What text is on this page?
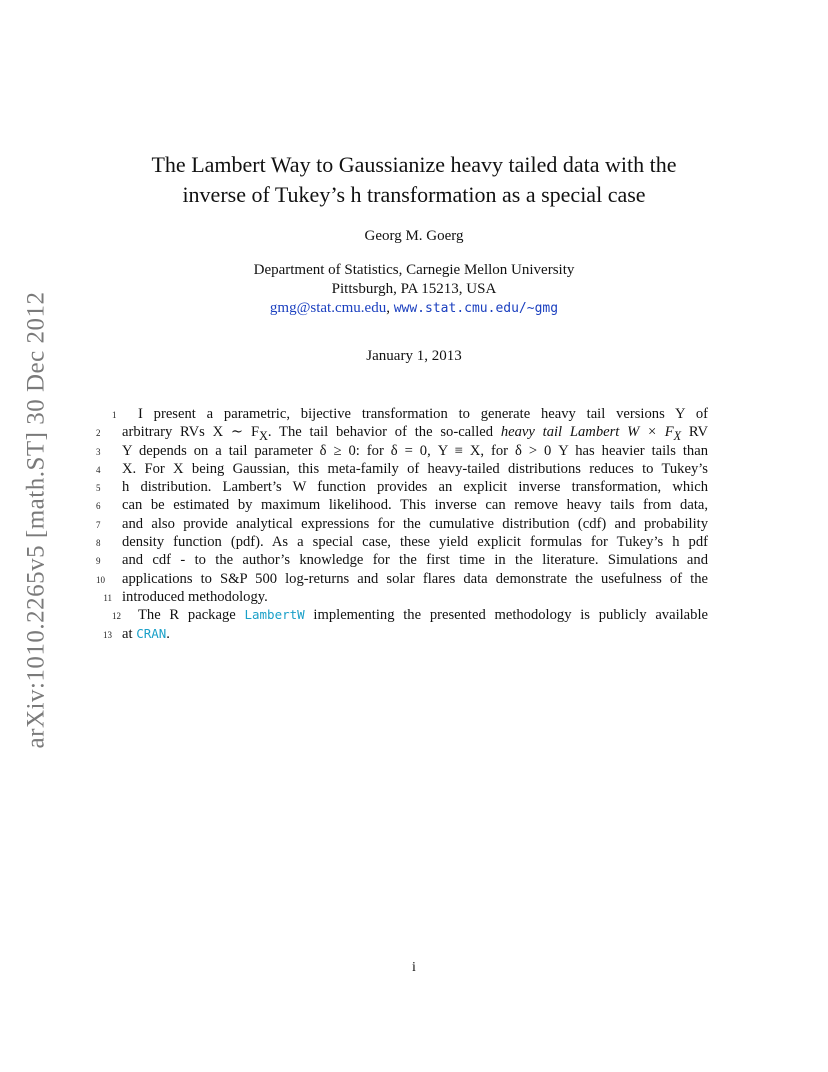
arXiv:1010.2265v5 [math.ST] 30 Dec 2012
The Lambert Way to Gaussianize heavy tailed data with the
inverse of Tukey’s h transformation as a special case
Georg M. Goerg
Department of Statistics, Carnegie Mellon University
Pittsburgh, PA 15213, USA
gmg@stat.cmu.edu, www.stat.cmu.edu/~gmg
January 1, 2013
1 I present a parametric, bijective transformation to generate heavy tail versions Y of
2	arbitrary RVs X ∼ $F_X$. The tail behavior of the so-called heavy tail Lambert $W \times F_X$ RV
3	Y depends on a tail parameter δ ≥ 0: for δ = 0, Y ≡ X, for δ > 0 Y has heavier tails than
4	X. For X being Gaussian, this meta-family of heavy-tailed distributions reduces to Tukey’s
5	h distribution. Lambert’s W function provides an explicit inverse transformation, which
6	can be estimated by maximum likelihood. This inverse can remove heavy tails from data,
7	and also provide analytical expressions for the cumulative distribution (cdf) and probability
8	density function (pdf). As a special case, these yield explicit formulas for Tukey’s h pdf
9	and cdf - to the author’s knowledge for the first time in the literature. Simulations and
10	applications to S&P 500 log-returns and solar flares data demonstrate the usefulness of the
11 introduced methodology.
12 The R package LambertW implementing the presented methodology is publicly available
13 at CRAN.
i
